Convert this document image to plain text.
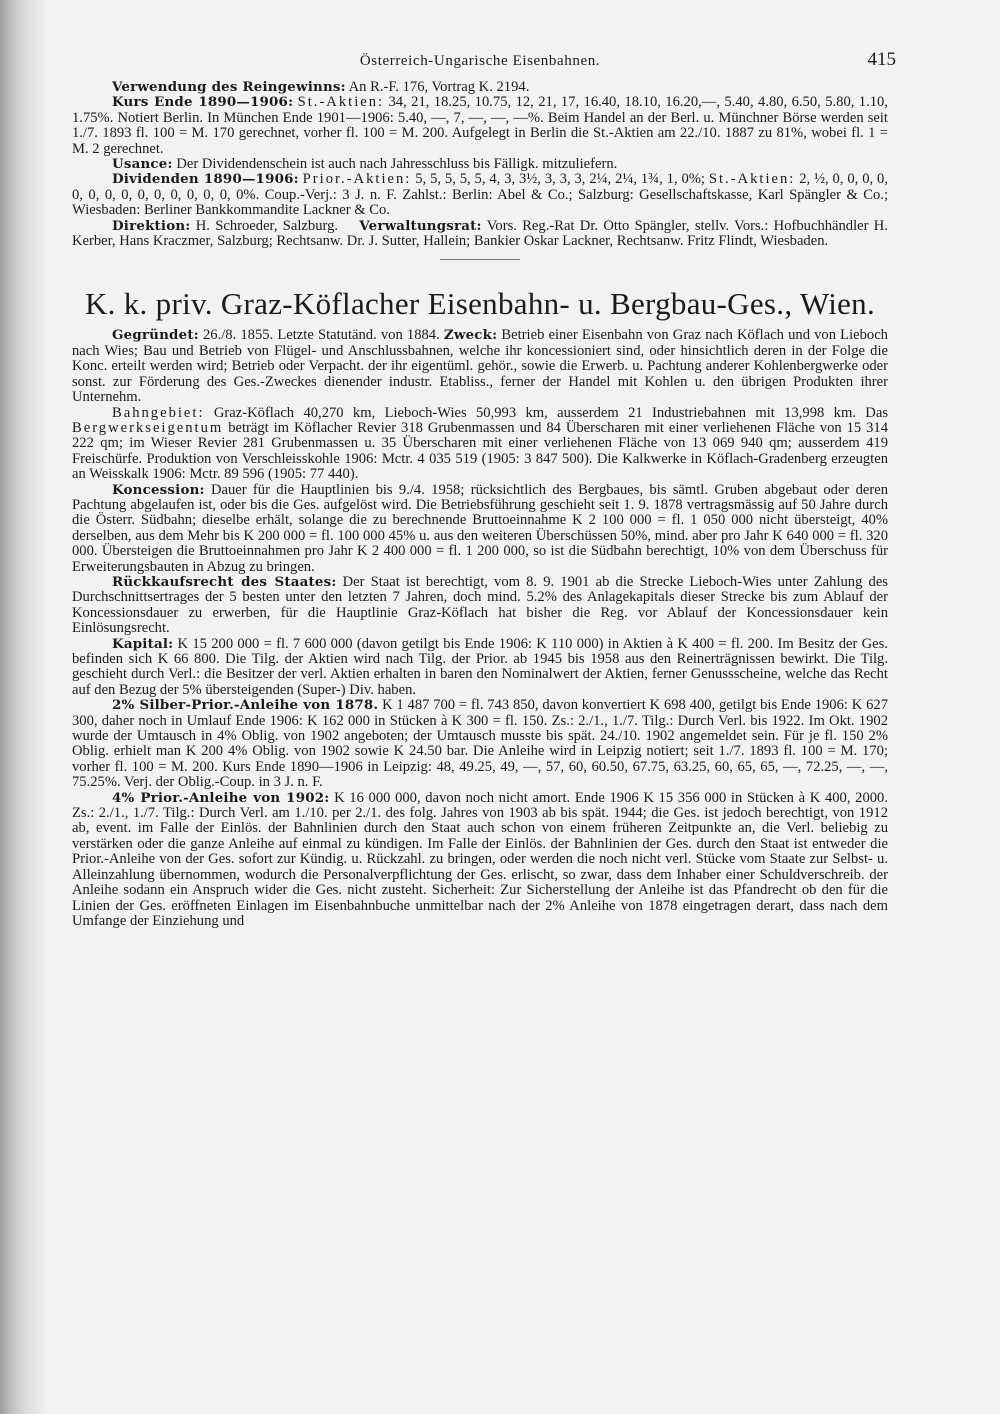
Österreich-Ungarische Eisenbahnen.	415

Verwendung des Reingewinns: An R.-F. 176, Vortrag K. 2194.

Kurs Ende 1890—1906: St.-Aktien: 34, 21, 18.25, 10.75, 12, 21, 17, 16.40, 18.10, 16.20,—, 5.40, 4.80, 6.50, 5.80, 1.10, 1.75%. Notiert Berlin. In München Ende 1901—1906: 5.40, —, 7, —, —, —%. Beim Handel an der Berl. u. Münchner Börse werden seit 1./7. 1893 fl. 100 = M. 170 gerechnet, vorher fl. 100 = M. 200. Aufgelegt in Berlin die St.-Aktien am 22./10. 1887 zu 81%, wobei fl. 1 = M. 2 gerechnet.

Usance: Der Dividendenschein ist auch nach Jahresschluss bis Fälligk. mitzuliefern.

Dividenden 1890—1906: Prior.-Aktien: 5, 5, 5, 5, 5, 4, 3, 3½, 3, 3, 3, 2¼, 2¼, 1¾, 1, 0%; St.-Aktien: 2, ½, 0, 0, 0, 0, 0, 0, 0, 0, 0, 0, 0, 0, 0, 0, 0%. Coup.-Verj.: 3 J. n. F. Zahlst.: Berlin: Abel & Co.; Salzburg: Gesellschaftskasse, Karl Spängler & Co.; Wiesbaden: Berliner Bankkommandite Lackner & Co.

Direktion: H. Schroeder, Salzburg. Verwaltungsrat: Vors. Reg.-Rat Dr. Otto Spängler, stellv. Vors.: Hofbuchhändler H. Kerber, Hans Kraczmer, Salzburg; Rechtsanw. Dr. J. Sutter, Hallein; Bankier Oskar Lackner, Rechtsanw. Fritz Flindt, Wiesbaden.

K. k. priv. Graz-Köflacher Eisenbahn- u. Bergbau-Ges., Wien.

Gegründet: 26./8. 1855. Letzte Statutänd. von 1884. Zweck: Betrieb einer Eisenbahn von Graz nach Köflach und von Lieboch nach Wies; Bau und Betrieb von Flügel- und Anschlussbahnen, welche ihr koncessioniert sind, oder hinsichtlich deren in der Folge die Konc. erteilt werden wird; Betrieb oder Verpacht. der ihr eigentüml. gehör., sowie die Erwerb. u. Pachtung anderer Kohlenbergwerke oder sonst. zur Förderung des Ges.-Zweckes dienender industr. Etabliss., ferner der Handel mit Kohlen u. den übrigen Produkten ihrer Unternehm.

Bahngebiet: Graz-Köflach 40,270 km, Lieboch-Wies 50,993 km, ausserdem 21 Industriebahnen mit 13,998 km. Das Bergwerkseigentum beträgt im Köflacher Revier 318 Grubenmassen und 84 Überscharen mit einer verliehenen Fläche von 15 314 222 qm; im Wieser Revier 281 Grubenmassen u. 35 Überscharen mit einer verliehenen Fläche von 13 069 940 qm; ausserdem 419 Freischürfe. Produktion von Verschleisskohle 1906: Mctr. 4 035 519 (1905: 3 847 500). Die Kalkwerke in Köflach-Gradenberg erzeugten an Weisskalk 1906: Mctr. 89 596 (1905: 77 440).

Koncession: Dauer für die Hauptlinien bis 9./4. 1958; rücksichtlich des Bergbaues, bis sämtl. Gruben abgebaut oder deren Pachtung abgelaufen ist, oder bis die Ges. aufgelöst wird. Die Betriebsführung geschieht seit 1. 9. 1878 vertragsmässig auf 50 Jahre durch die Österr. Südbahn; dieselbe erhält, solange die zu berechnende Bruttoeinnahme K 2 100 000 = fl. 1 050 000 nicht übersteigt, 40% derselben, aus dem Mehr bis K 200 000 = fl. 100 000 45% u. aus den weiteren Überschüssen 50%, mind. aber pro Jahr K 640 000 = fl. 320 000. Übersteigen die Bruttoeinnahmen pro Jahr K 2 400 000 = fl. 1 200 000, so ist die Südbahn berechtigt, 10% von dem Überschuss für Erweiterungsbauten in Abzug zu bringen.

Rückkaufsrecht des Staates: Der Staat ist berechtigt, vom 8. 9. 1901 ab die Strecke Lieboch-Wies unter Zahlung des Durchschnittsertrages der 5 besten unter den letzten 7 Jahren, doch mind. 5.2% des Anlagekapitals dieser Strecke bis zum Ablauf der Koncessionsdauer zu erwerben, für die Hauptlinie Graz-Köflach hat bisher die Reg. vor Ablauf der Koncessionsdauer kein Einlösungsrecht.

Kapital: K 15 200 000 = fl. 7 600 000 (davon getilgt bis Ende 1906: K 110 000) in Aktien à K 400 = fl. 200. Im Besitz der Ges. befinden sich K 66 800. Die Tilg. der Aktien wird nach Tilg. der Prior. ab 1945 bis 1958 aus den Reinerträgnissen bewirkt. Die Tilg. geschieht durch Verl.: die Besitzer der verl. Aktien erhalten in baren den Nominalwert der Aktien, ferner Genussscheine, welche das Recht auf den Bezug der 5% übersteigenden (Super-) Div. haben.

2% Silber-Prior.-Anleihe von 1878. K 1 487 700 = fl. 743 850, davon konvertiert K 698 400, getilgt bis Ende 1906: K 627 300, daher noch in Umlauf Ende 1906: K 162 000 in Stücken à K 300 = fl. 150. Zs.: 2./1., 1./7. Tilg.: Durch Verl. bis 1922. Im Okt. 1902 wurde der Umtausch in 4% Oblig. von 1902 angeboten; der Umtausch musste bis spät. 24./10. 1902 angemeldet sein. Für je fl. 150 2% Oblig. erhielt man K 200 4% Oblig. von 1902 sowie K 24.50 bar. Die Anleihe wird in Leipzig notiert; seit 1./7. 1893 fl. 100 = M. 170; vorher fl. 100 = M. 200. Kurs Ende 1890—1906 in Leipzig: 48, 49.25, 49, —, 57, 60, 60.50, 67.75, 63.25, 60, 65, 65, —, 72.25, —, —, 75.25%. Verj. der Oblig.-Coup. in 3 J. n. F.

4% Prior.-Anleihe von 1902: K 16 000 000, davon noch nicht amort. Ende 1906 K 15 356 000 in Stücken à K 400, 2000. Zs.: 2./1., 1./7. Tilg.: Durch Verl. am 1./10. per 2./1. des folg. Jahres von 1903 ab bis spät. 1944; die Ges. ist jedoch berechtigt, von 1912 ab, event. im Falle der Einlös. der Bahnlinien durch den Staat auch schon von einem früheren Zeitpunkte an, die Verl. beliebig zu verstärken oder die ganze Anleihe auf einmal zu kündigen. Im Falle der Einlös. der Bahnlinien der Ges. durch den Staat ist entweder die Prior.-Anleihe von der Ges. sofort zur Kündig. u. Rückzahl. zu bringen, oder werden die noch nicht verl. Stücke vom Staate zur Selbst- u. Alleinzahlung übernommen, wodurch die Personalverpflichtung der Ges. erlischt, so zwar, dass dem Inhaber einer Schuldverschreib. der Anleihe sodann ein Anspruch wider die Ges. nicht zusteht. Sicherheit: Zur Sicherstellung der Anleihe ist das Pfandrecht ob den für die Linien der Ges. eröffneten Einlagen im Eisenbahnbuche unmittelbar nach der 2% Anleihe von 1878 eingetragen derart, dass nach dem Umfange der Einziehung und
